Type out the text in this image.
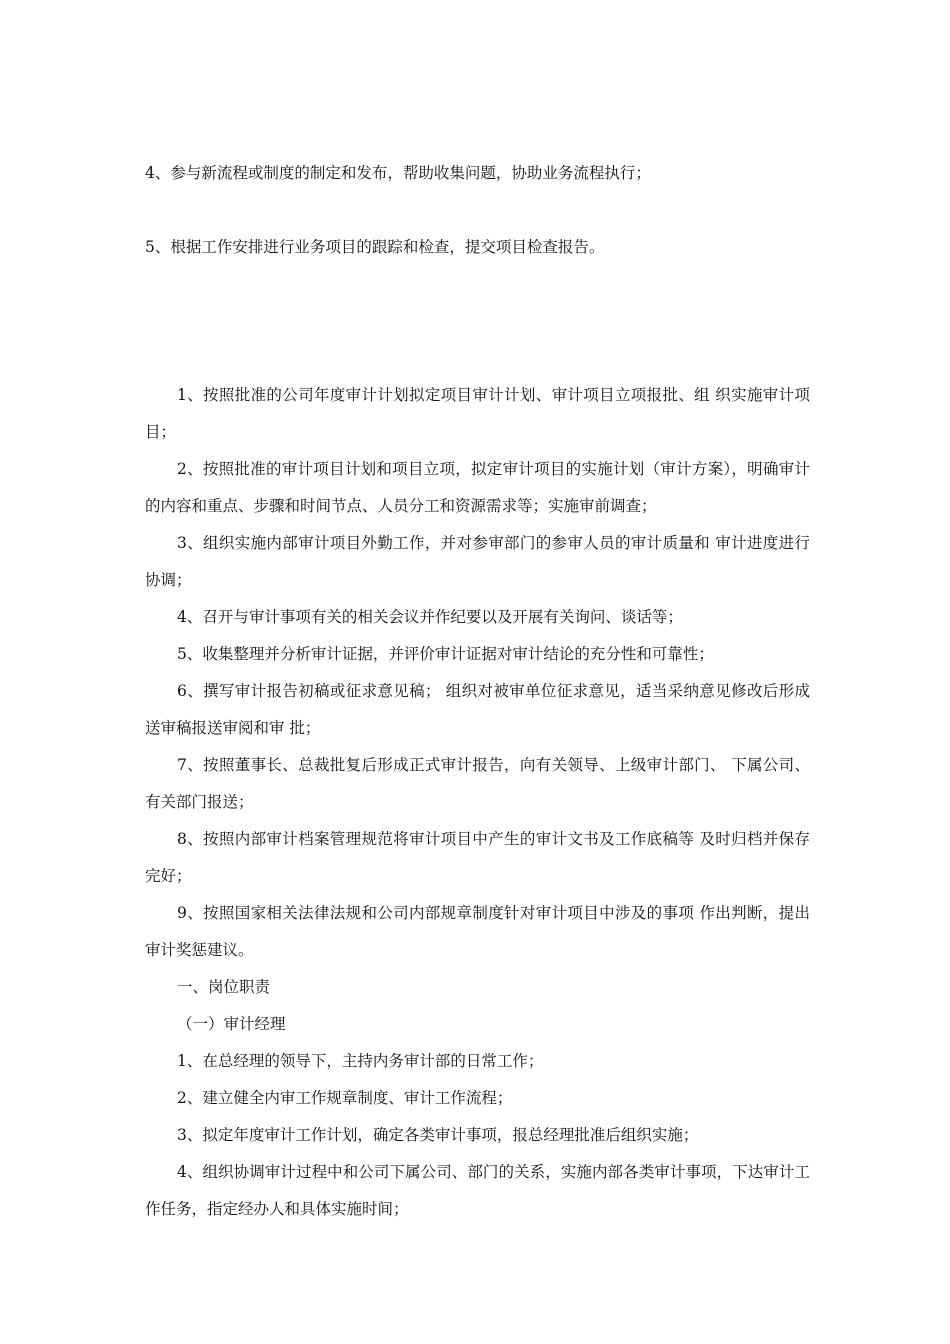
4、参与新流程或制度的制定和发布，帮助收集问题，协助业务流程执行；
5、根据工作安排进行业务项目的跟踪和检查，提交项目检查报告。
1、按照批准的公司年度审计计划拟定项目审计计划、审计项目立项报批、组 织实施审计项目；
2、按照批准的审计项目计划和项目立项，拟定审计项目的实施计划（审计方案），明确审计的内容和重点、步骤和时间节点、人员分工和资源需求等；实施审前调查；
3、组织实施内部审计项目外勤工作，并对参审部门的参审人员的审计质量和 审计进度进行协调；
4、召开与审计事项有关的相关会议并作纪要以及开展有关询问、谈话等；
5、收集整理并分析审计证据，并评价审计证据对审计结论的充分性和可靠性；
6、撰写审计报告初稿或征求意见稿； 组织对被审单位征求意见，适当采纳意见修改后形成送审稿报送审阅和审 批；
7、按照董事长、总裁批复后形成正式审计报告，向有关领导、上级审计部门、 下属公司、有关部门报送；
8、按照内部审计档案管理规范将审计项目中产生的审计文书及工作底稿等 及时归档并保存完好；
9、按照国家相关法律法规和公司内部规章制度针对审计项目中涉及的事项 作出判断，提出审计奖惩建议。
一、岗位职责
（一）审计经理
1、在总经理的领导下，主持内务审计部的日常工作；
2、建立健全内审工作规章制度、审计工作流程；
3、拟定年度审计工作计划，确定各类审计事项，报总经理批准后组织实施；
4、组织协调审计过程中和公司下属公司、部门的关系，实施内部各类审计事项，下达审计工作任务，指定经办人和具体实施时间；
